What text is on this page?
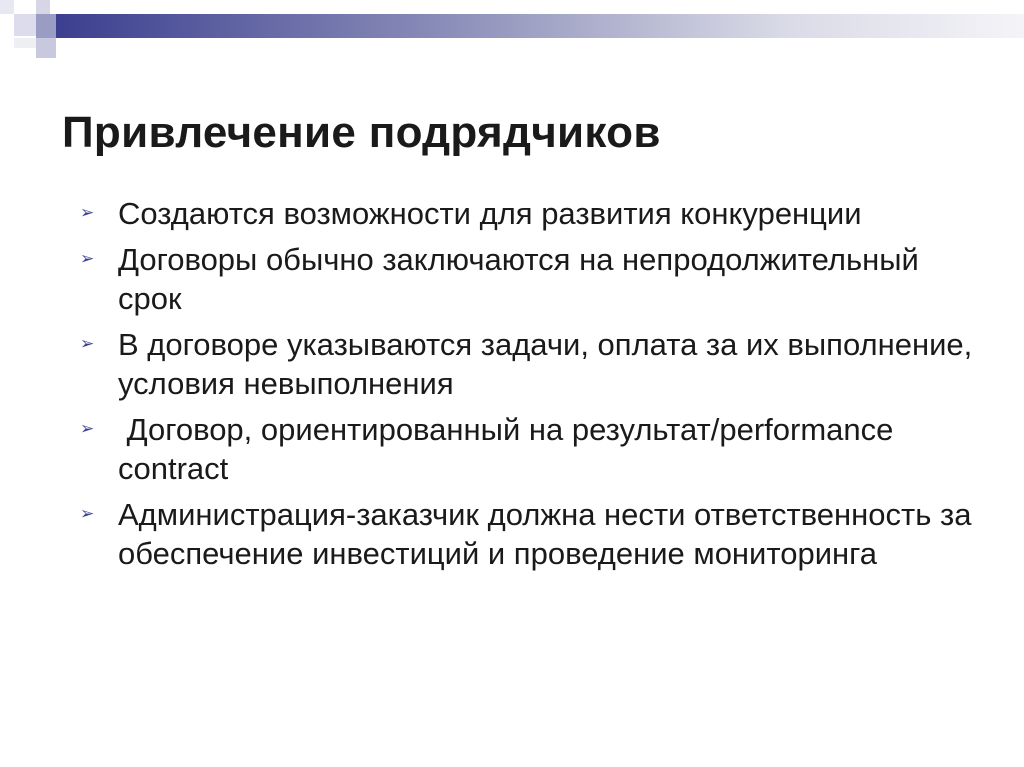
Привлечение подрядчиков
➢ Создаются возможности для развития конкуренции
➢ Договоры обычно заключаются на непродолжительный срок
➢ В договоре указываются задачи, оплата за их выполнение, условия невыполнения
➢ Договор, ориентированный на результат/performance contract
➢ Администрация-заказчик должна нести ответственность за обеспечение инвестиций и проведение мониторинга
